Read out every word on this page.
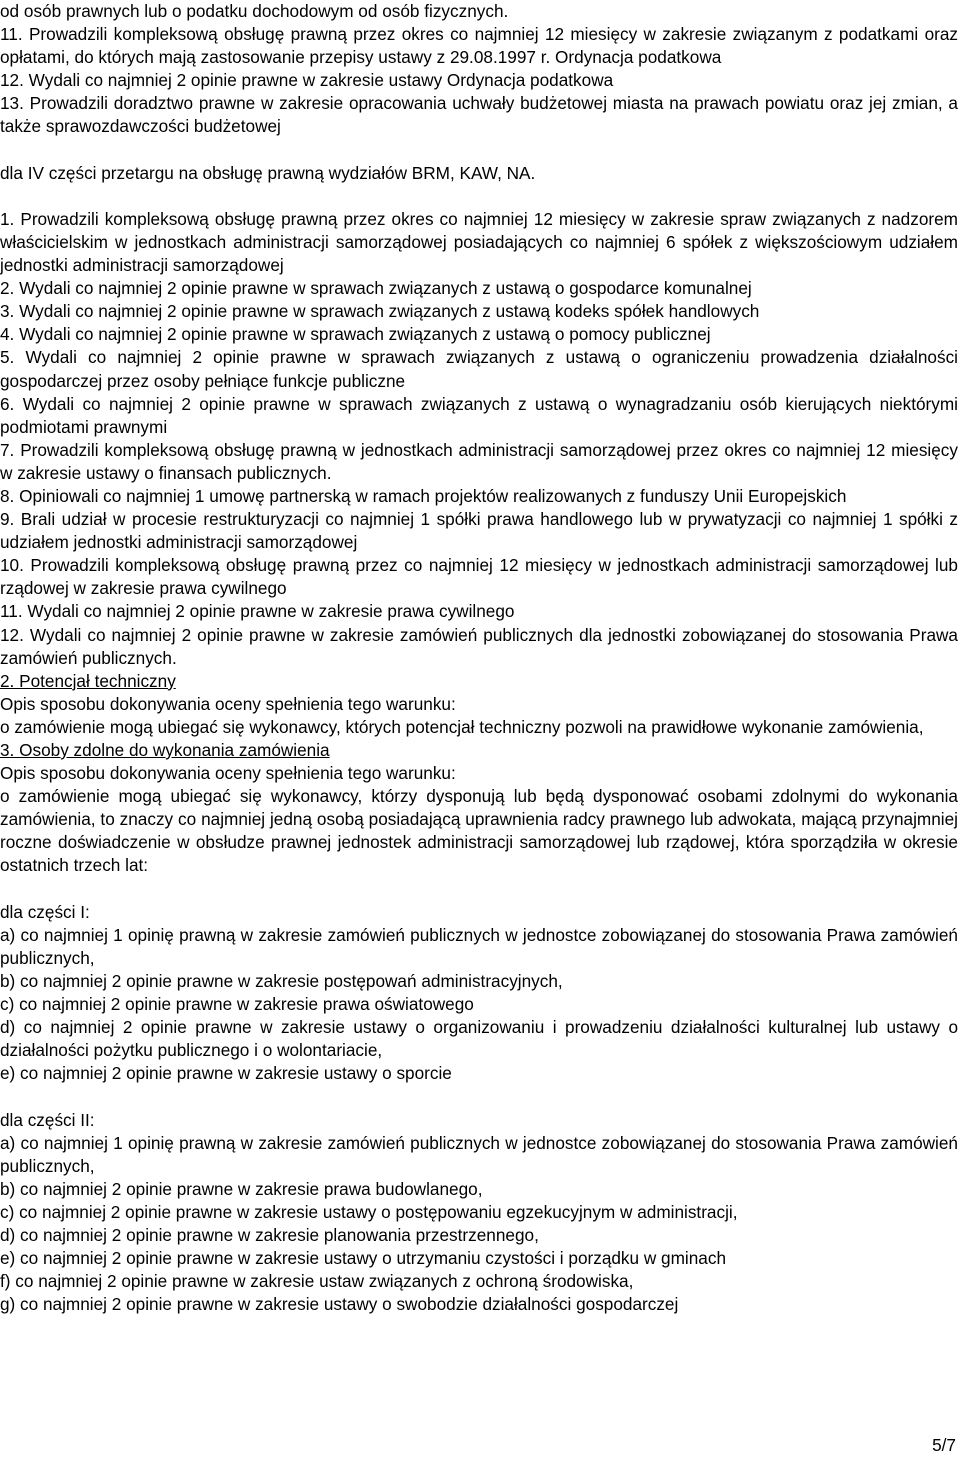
od osób prawnych lub o podatku dochodowym od osób fizycznych.

11. Prowadzili kompleksową obsługę prawną przez okres co najmniej 12 miesięcy w zakresie związanym z podatkami oraz opłatami, do których mają zastosowanie przepisy ustawy z 29.08.1997 r. Ordynacja podatkowa

12. Wydali co najmniej 2 opinie prawne w zakresie ustawy Ordynacja podatkowa

13. Prowadzili doradztwo prawne w zakresie opracowania uchwały budżetowej miasta na prawach powiatu oraz jej zmian, a także sprawozdawczości budżetowej

dla IV części przetargu na obsługę prawną wydziałów BRM, KAW, NA.

1. Prowadzili kompleksową obsługę prawną przez okres co najmniej 12 miesięcy w zakresie spraw związanych z nadzorem właścicielskim w jednostkach administracji samorządowej posiadających co najmniej 6 spółek z większościowym udziałem jednostki administracji samorządowej

2. Wydali co najmniej 2 opinie prawne w sprawach związanych z ustawą o gospodarce komunalnej

3. Wydali co najmniej 2 opinie prawne w sprawach związanych z ustawą kodeks spółek handlowych

4. Wydali co najmniej 2 opinie prawne w sprawach związanych z ustawą o pomocy publicznej

5. Wydali co najmniej 2 opinie prawne w sprawach związanych z ustawą o ograniczeniu prowadzenia działalności gospodarczej przez osoby pełniące funkcje publiczne

6. Wydali co najmniej 2 opinie prawne w sprawach związanych z ustawą o wynagradzaniu osób kierujących niektórymi podmiotami prawnymi

7. Prowadzili kompleksową obsługę prawną w jednostkach administracji samorządowej przez okres co najmniej 12 miesięcy w zakresie ustawy o finansach publicznych.

8. Opiniowali co najmniej 1 umowę partnerską w ramach projektów realizowanych z funduszy Unii Europejskich

9. Brali udział w procesie restrukturyzacji co najmniej 1 spółki prawa handlowego lub w prywatyzacji co najmniej 1 spółki z udziałem jednostki administracji samorządowej

10. Prowadzili kompleksową obsługę prawną przez co najmniej 12 miesięcy w jednostkach administracji samorządowej lub rządowej w zakresie prawa cywilnego

11. Wydali co najmniej 2 opinie prawne w zakresie prawa cywilnego

12. Wydali co najmniej 2 opinie prawne w zakresie zamówień publicznych dla jednostki zobowiązanej do stosowania Prawa zamówień publicznych.

2. Potencjał techniczny

Opis sposobu dokonywania oceny spełnienia tego warunku:

o zamówienie mogą ubiegać się wykonawcy, których potencjał techniczny pozwoli na prawidłowe wykonanie zamówienia,

3. Osoby zdolne do wykonania zamówienia

Opis sposobu dokonywania oceny spełnienia tego warunku:

o zamówienie mogą ubiegać się wykonawcy, którzy dysponują lub będą dysponować osobami zdolnymi do wykonania zamówienia, to znaczy co najmniej jedną osobą posiadającą uprawnienia radcy prawnego lub adwokata, mającą przynajmniej roczne doświadczenie w obsłudze prawnej jednostek administracji samorządowej lub rządowej, która sporządziła w okresie ostatnich trzech lat:

dla części I:

a) co najmniej 1 opinię prawną w zakresie zamówień publicznych w jednostce zobowiązanej do stosowania Prawa zamówień publicznych,

b) co najmniej 2 opinie prawne w zakresie postępowań administracyjnych,

c) co najmniej 2 opinie prawne w zakresie prawa oświatowego

d) co najmniej 2 opinie prawne w zakresie ustawy o organizowaniu i prowadzeniu działalności kulturalnej lub ustawy o działalności pożytku publicznego i o wolontariacie,

e) co najmniej 2 opinie prawne w zakresie ustawy o sporcie

dla części II:

a) co najmniej 1 opinię prawną w zakresie zamówień publicznych w jednostce zobowiązanej do stosowania Prawa zamówień publicznych,

b) co najmniej 2 opinie prawne w zakresie prawa budowlanego,

c) co najmniej 2 opinie prawne w zakresie ustawy o postępowaniu egzekucyjnym w administracji,

d) co najmniej 2 opinie prawne w zakresie planowania przestrzennego,

e) co najmniej 2 opinie prawne w zakresie ustawy o utrzymaniu czystości i porządku w gminach

f) co najmniej 2 opinie prawne w zakresie ustaw związanych z ochroną środowiska,

g) co najmniej 2 opinie prawne w zakresie ustawy o swobodzie działalności gospodarczej

5/7
